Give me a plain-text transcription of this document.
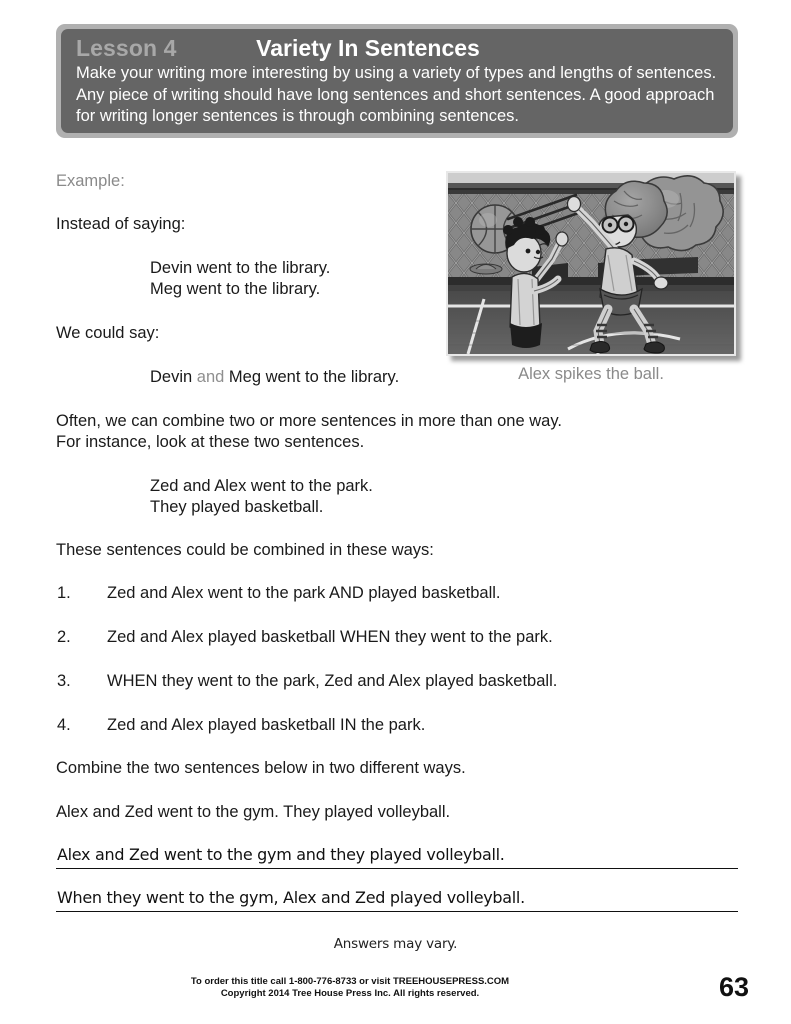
Lesson 4	Variety In Sentences
Make your writing more interesting by using a variety of types and lengths of sentences. Any piece of writing should have long sentences and short sentences. A good approach for writing longer sentences is through combining sentences.
Example:
Instead of saying:
Devin went to the library.
Meg went to the library.
We could say:
Devin and Meg went to the library.
Often, we can combine two or more sentences in more than one way.
For instance, look at these two sentences.
Zed and Alex went to the park.
They played basketball.
These sentences could be combined in these ways:
1. Zed and Alex went to the park AND played basketball.
2. Zed and Alex played basketball WHEN they went to the park.
3. WHEN they went to the park, Zed and Alex played basketball.
4. Zed and Alex played basketball IN the park.
Combine the two sentences below in two different ways.
Alex and Zed went to the gym. They played volleyball.
Alex and Zed went to the gym and they played volleyball.
When they went to the gym, Alex and Zed played volleyball.
Answers may vary.
Alex spikes the ball.
To order this title call 1-800-776-8733 or visit TREEHOUSEPRESS.COM
Copyright 2014 Tree House Press Inc. All rights reserved.	63
